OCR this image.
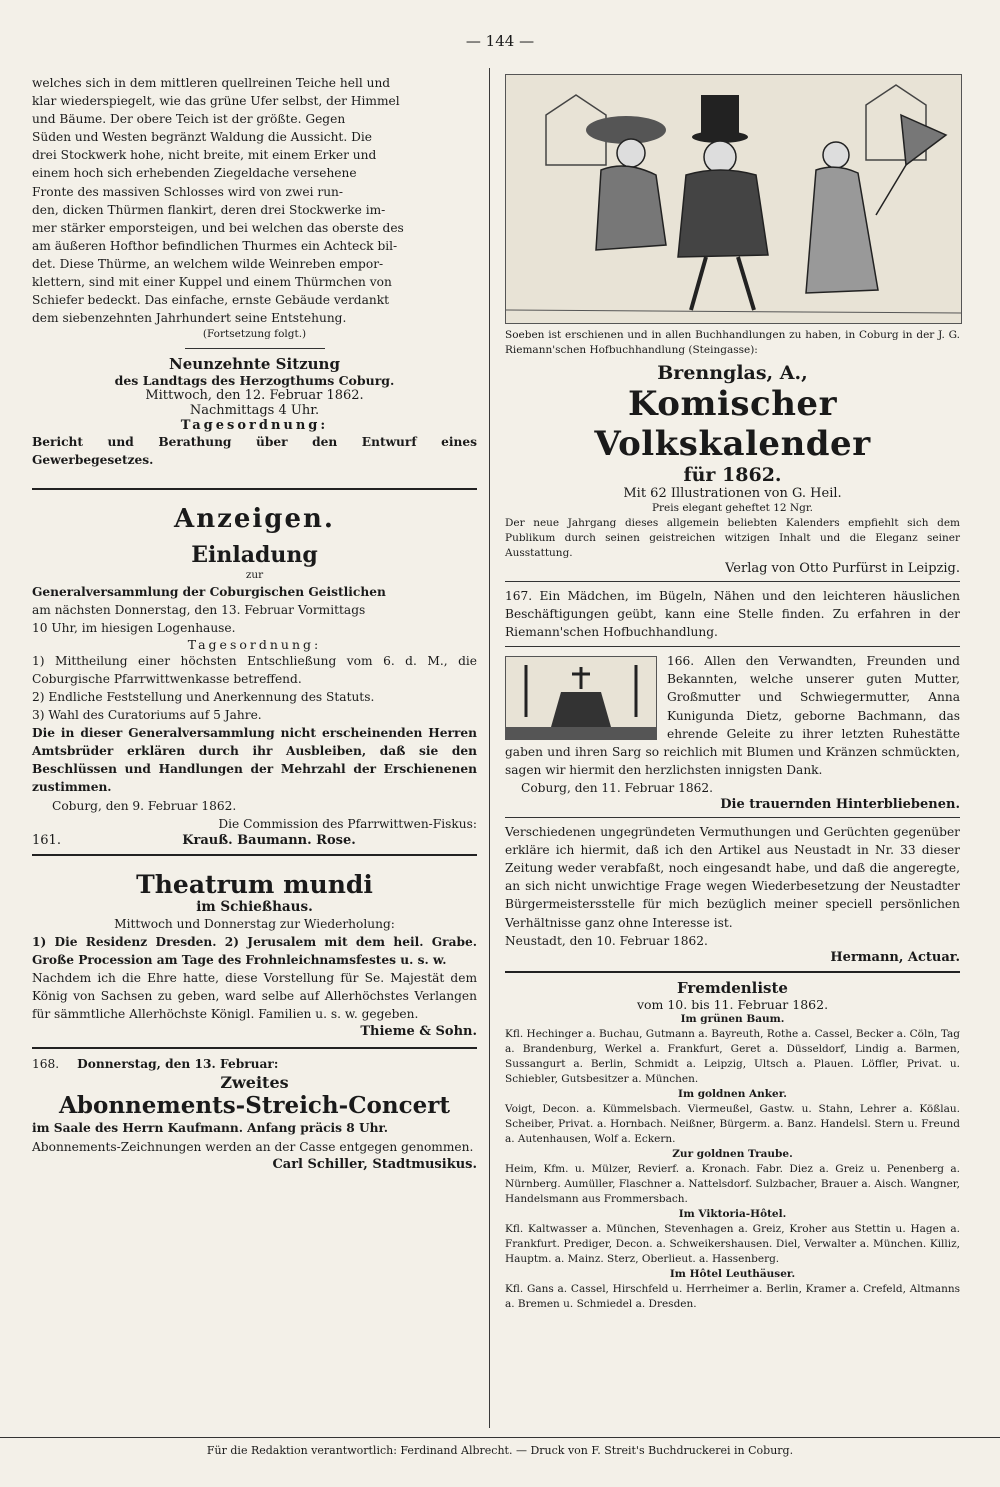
— 144 —

welches sich in dem mittleren quellreinen Teiche hell und

klar wiederspiegelt, wie das grüne Ufer selbst, der Himmel

und Bäume. Der obere Teich ist der größte. Gegen

Süden und Westen begränzt Waldung die Aussicht. Die

drei Stockwerk hohe, nicht breite, mit einem Erker und

einem hoch sich erhebenden Ziegeldache versehene

Fronte des massiven Schlosses wird von zwei run-

den, dicken Thürmen flankirt, deren drei Stockwerke im-

mer stärker emporsteigen, und bei welchen das oberste des

am äußeren Hofthor befindlichen Thurmes ein Achteck bil-

det. Diese Thürme, an welchem wilde Weinreben empor-

klettern, sind mit einer Kuppel und einem Thürmchen von

Schiefer bedeckt. Das einfache, ernste Gebäude verdankt

dem siebenzehnten Jahrhundert seine Entstehung.

(Fortsetzung folgt.)

Neunzehnte Sitzung

des Landtags des Herzogthums Coburg.

Mittwoch, den 12. Februar 1862.

Nachmittags 4 Uhr.

Tagesordnung:

Bericht und Berathung über den Entwurf eines Gewerbegesetzes.

Anzeigen.

Einladung

zur

Generalversammlung der Coburgischen Geistlichen

am nächsten Donnerstag, den 13. Februar Vormittags

10 Uhr, im hiesigen Logenhause.

Tagesordnung:

1) Mittheilung einer höchsten Entschließung vom 6. d. M., die Coburgische Pfarrwittwenkasse betreffend.

2) Endliche Feststellung und Anerkennung des Statuts.

3) Wahl des Curatoriums auf 5 Jahre.

Die in dieser Generalversammlung nicht erscheinenden Herren Amtsbrüder erklären durch ihr Ausbleiben, daß sie den Beschlüssen und Handlungen der Mehrzahl der Erschienenen zustimmen.

Coburg, den 9. Februar 1862.

Die Commission des Pfarrwittwen-Fiskus:

161.	Krauß. Baumann. Rose.

Theatrum mundi

im Schießhaus.

Mittwoch und Donnerstag zur Wiederholung:

1) Die Residenz Dresden. 2) Jerusalem mit dem heil. Grabe. Große Procession am Tage des Frohnleichnamsfestes u. s. w.

Nachdem ich die Ehre hatte, diese Vorstellung für Se. Majestät dem König von Sachsen zu geben, ward selbe auf Allerhöchstes Verlangen für sämmtliche Allerhöchste Königl. Familien u. s. w. gegeben.

Thieme & Sohn.

168. Donnerstag, den 13. Februar:

Zweites

Abonnements-Streich-Concert

im Saale des Herrn Kaufmann. Anfang präcis 8 Uhr.

Abonnements-Zeichnungen werden an der Casse entgegen genommen.

Carl Schiller, Stadtmusikus.

Soeben ist erschienen und in allen Buchhandlungen zu haben, in Coburg in der J. G. Riemann'schen Hofbuchhandlung (Steingasse):

Brennglas, A.,

Komischer Volkskalender

für 1862.

Mit 62 Illustrationen von G. Heil.

Preis elegant geheftet 12 Ngr.

Der neue Jahrgang dieses allgemein beliebten Kalenders empfiehlt sich dem Publikum durch seinen geistreichen witzigen Inhalt und die Eleganz seiner Ausstattung.

Verlag von Otto Purfürst in Leipzig.

167. Ein Mädchen, im Bügeln, Nähen und den leichteren häuslichen Beschäftigungen geübt, kann eine Stelle finden. Zu erfahren in der Riemann'schen Hofbuchhandlung.

166. Allen den Verwandten, Freunden und Bekannten, welche unserer guten Mutter, Großmutter und Schwiegermutter, Anna Kunigunda Dietz, geborne Bachmann, das ehrende Geleite zu ihrer letzten Ruhestätte gaben und ihren Sarg so reichlich mit Blumen und Kränzen schmückten, sagen wir hiermit den herzlichsten innigsten Dank.

Coburg, den 11. Februar 1862.

Die trauernden Hinterbliebenen.

Verschiedenen ungegründeten Vermuthungen und Gerüchten gegenüber erkläre ich hiermit, daß ich den Artikel aus Neustadt in Nr. 33 dieser Zeitung weder verabfaßt, noch eingesandt habe, und daß die angeregte, an sich nicht unwichtige Frage wegen Wiederbesetzung der Neustadter Bürgermeistersstelle für mich bezüglich meiner speciell persönlichen Verhältnisse ganz ohne Interesse ist.

Neustadt, den 10. Februar 1862.

Hermann, Actuar.

Fremdenliste

vom 10. bis 11. Februar 1862.

Im grünen Baum.

Kfl. Hechinger a. Buchau, Gutmann a. Bayreuth, Rothe a. Cassel, Becker a. Cöln, Tag a. Brandenburg, Werkel a. Frankfurt, Geret a. Düsseldorf, Lindig a. Barmen, Sussangurt a. Berlin, Schmidt a. Leipzig, Ultsch a. Plauen. Löffler, Privat. u. Schiebler, Gutsbesitzer a. München.

Im goldnen Anker.

Voigt, Decon. a. Kümmelsbach. Viermeußel, Gastw. u. Stahn, Lehrer a. Kößlau. Scheiber, Privat. a. Hornbach. Neißner, Bürgerm. a. Banz. Handelsl. Stern u. Freund a. Autenhausen, Wolf a. Eckern.

Zur goldnen Traube.

Heim, Kfm. u. Mülzer, Revierf. a. Kronach. Fabr. Diez a. Greiz u. Penenberg a. Nürnberg. Aumüller, Flaschner a. Nattelsdorf. Sulzbacher, Brauer a. Aisch. Wangner, Handelsmann aus Frommersbach.

Im Viktoria-Hôtel.

Kfl. Kaltwasser a. München, Stevenhagen a. Greiz, Kroher aus Stettin u. Hagen a. Frankfurt. Prediger, Decon. a. Schweikershausen. Diel, Verwalter a. München. Killiz, Hauptm. a. Mainz. Sterz, Oberlieut. a. Hassenberg.

Im Hôtel Leuthäuser.

Kfl. Gans a. Cassel, Hirschfeld u. Herrheimer a. Berlin, Kramer a. Crefeld, Altmanns a. Bremen u. Schmiedel a. Dresden.

Für die Redaktion verantwortlich: Ferdinand Albrecht. — Druck von F. Streit's Buchdruckerei in Coburg.
